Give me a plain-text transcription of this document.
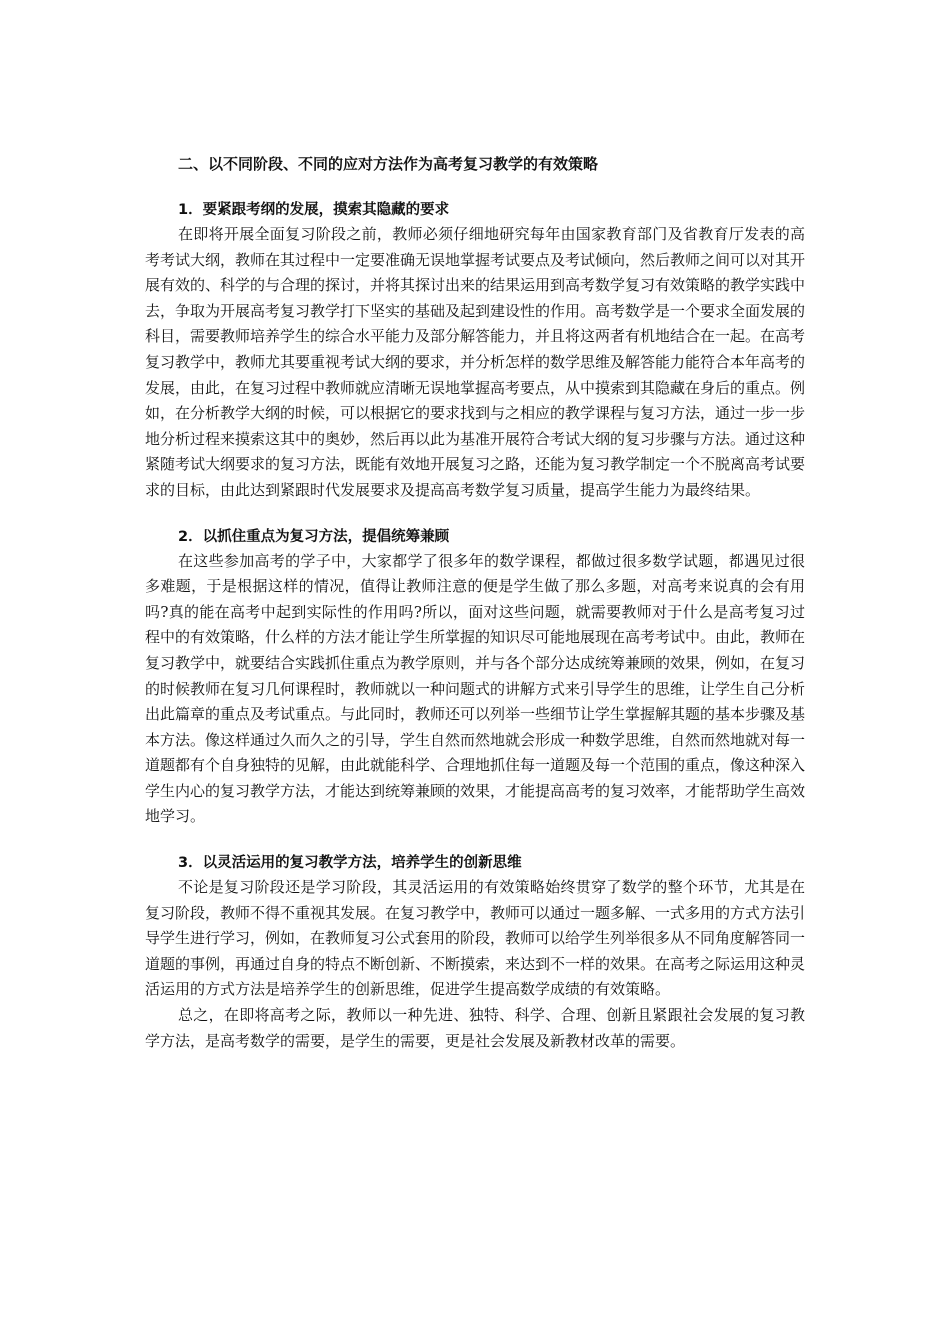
二、以不同阶段、不同的应对方法作为高考复习教学的有效策略
1．要紧跟考纲的发展，摸索其隐藏的要求

在即将开展全面复习阶段之前，教师必须仔细地研究每年由国家教育部门及省教育厅发表的高考考试大纲，教师在其过程中一定要准确无误地掌握考试要点及考试倾向，然后教师之间可以对其开展有效的、科学的与合理的探讨，并将其探讨出来的结果运用到高考数学复习有效策略的教学实践中去，争取为开展高考复习教学打下坚实的基础及起到建设性的作用。高考数学是一个要求全面发展的科目，需要教师培养学生的综合水平能力及部分解答能力，并且将这两者有机地结合在一起。在高考复习教学中，教师尤其要重视考试大纲的要求，并分析怎样的数学思维及解答能力能符合本年高考的发展，由此，在复习过程中教师就应清晰无误地掌握高考要点，从中摸索到其隐藏在身后的重点。例如，在分析教学大纲的时候，可以根据它的要求找到与之相应的教学课程与复习方法，通过一步一步地分析过程来摸索这其中的奥妙，然后再以此为基准开展符合考试大纲的复习步骤与方法。通过这种紧随考试大纲要求的复习方法，既能有效地开展复习之路，还能为复习教学制定一个不脱离高考试要求的目标，由此达到紧跟时代发展要求及提高高考数学复习质量，提高学生能力为最终结果。

2．以抓住重点为复习方法，提倡统筹兼顾

在这些参加高考的学子中，大家都学了很多年的数学课程，都做过很多数学试题，都遇见过很多难题，于是根据这样的情况，值得让教师注意的便是学生做了那么多题，对高考来说真的会有用吗?真的能在高考中起到实际性的作用吗?所以，面对这些问题，就需要教师对于什么是高考复习过程中的有效策略，什么样的方法才能让学生所掌握的知识尽可能地展现在高考考试中。由此，教师在复习教学中，就要结合实践抓住重点为教学原则，并与各个部分达成统筹兼顾的效果，例如，在复习的时候教师在复习几何课程时，教师就以一种问题式的讲解方式来引导学生的思维，让学生自己分析出此篇章的重点及考试重点。与此同时，教师还可以列举一些细节让学生掌握解其题的基本步骤及基本方法。像这样通过久而久之的引导，学生自然而然地就会形成一种数学思维，自然而然地就对每一道题都有个自身独特的见解，由此就能科学、合理地抓住每一道题及每一个范围的重点，像这种深入学生内心的复习教学方法，才能达到统筹兼顾的效果，才能提高高考的复习效率，才能帮助学生高效地学习。

3．以灵活运用的复习教学方法，培养学生的创新思维

不论是复习阶段还是学习阶段，其灵活运用的有效策略始终贯穿了数学的整个环节，尤其是在复习阶段，教师不得不重视其发展。在复习教学中，教师可以通过一题多解、一式多用的方式方法引导学生进行学习，例如，在教师复习公式套用的阶段，教师可以给学生列举很多从不同角度解答同一道题的事例，再通过自身的特点不断创新、不断摸索，来达到不一样的效果。在高考之际运用这种灵活运用的方式方法是培养学生的创新思维，促进学生提高数学成绩的有效策略。

总之，在即将高考之际，教师以一种先进、独特、科学、合理、创新且紧跟社会发展的复习教学方法，是高考数学的需要，是学生的需要，更是社会发展及新教材改革的需要。
